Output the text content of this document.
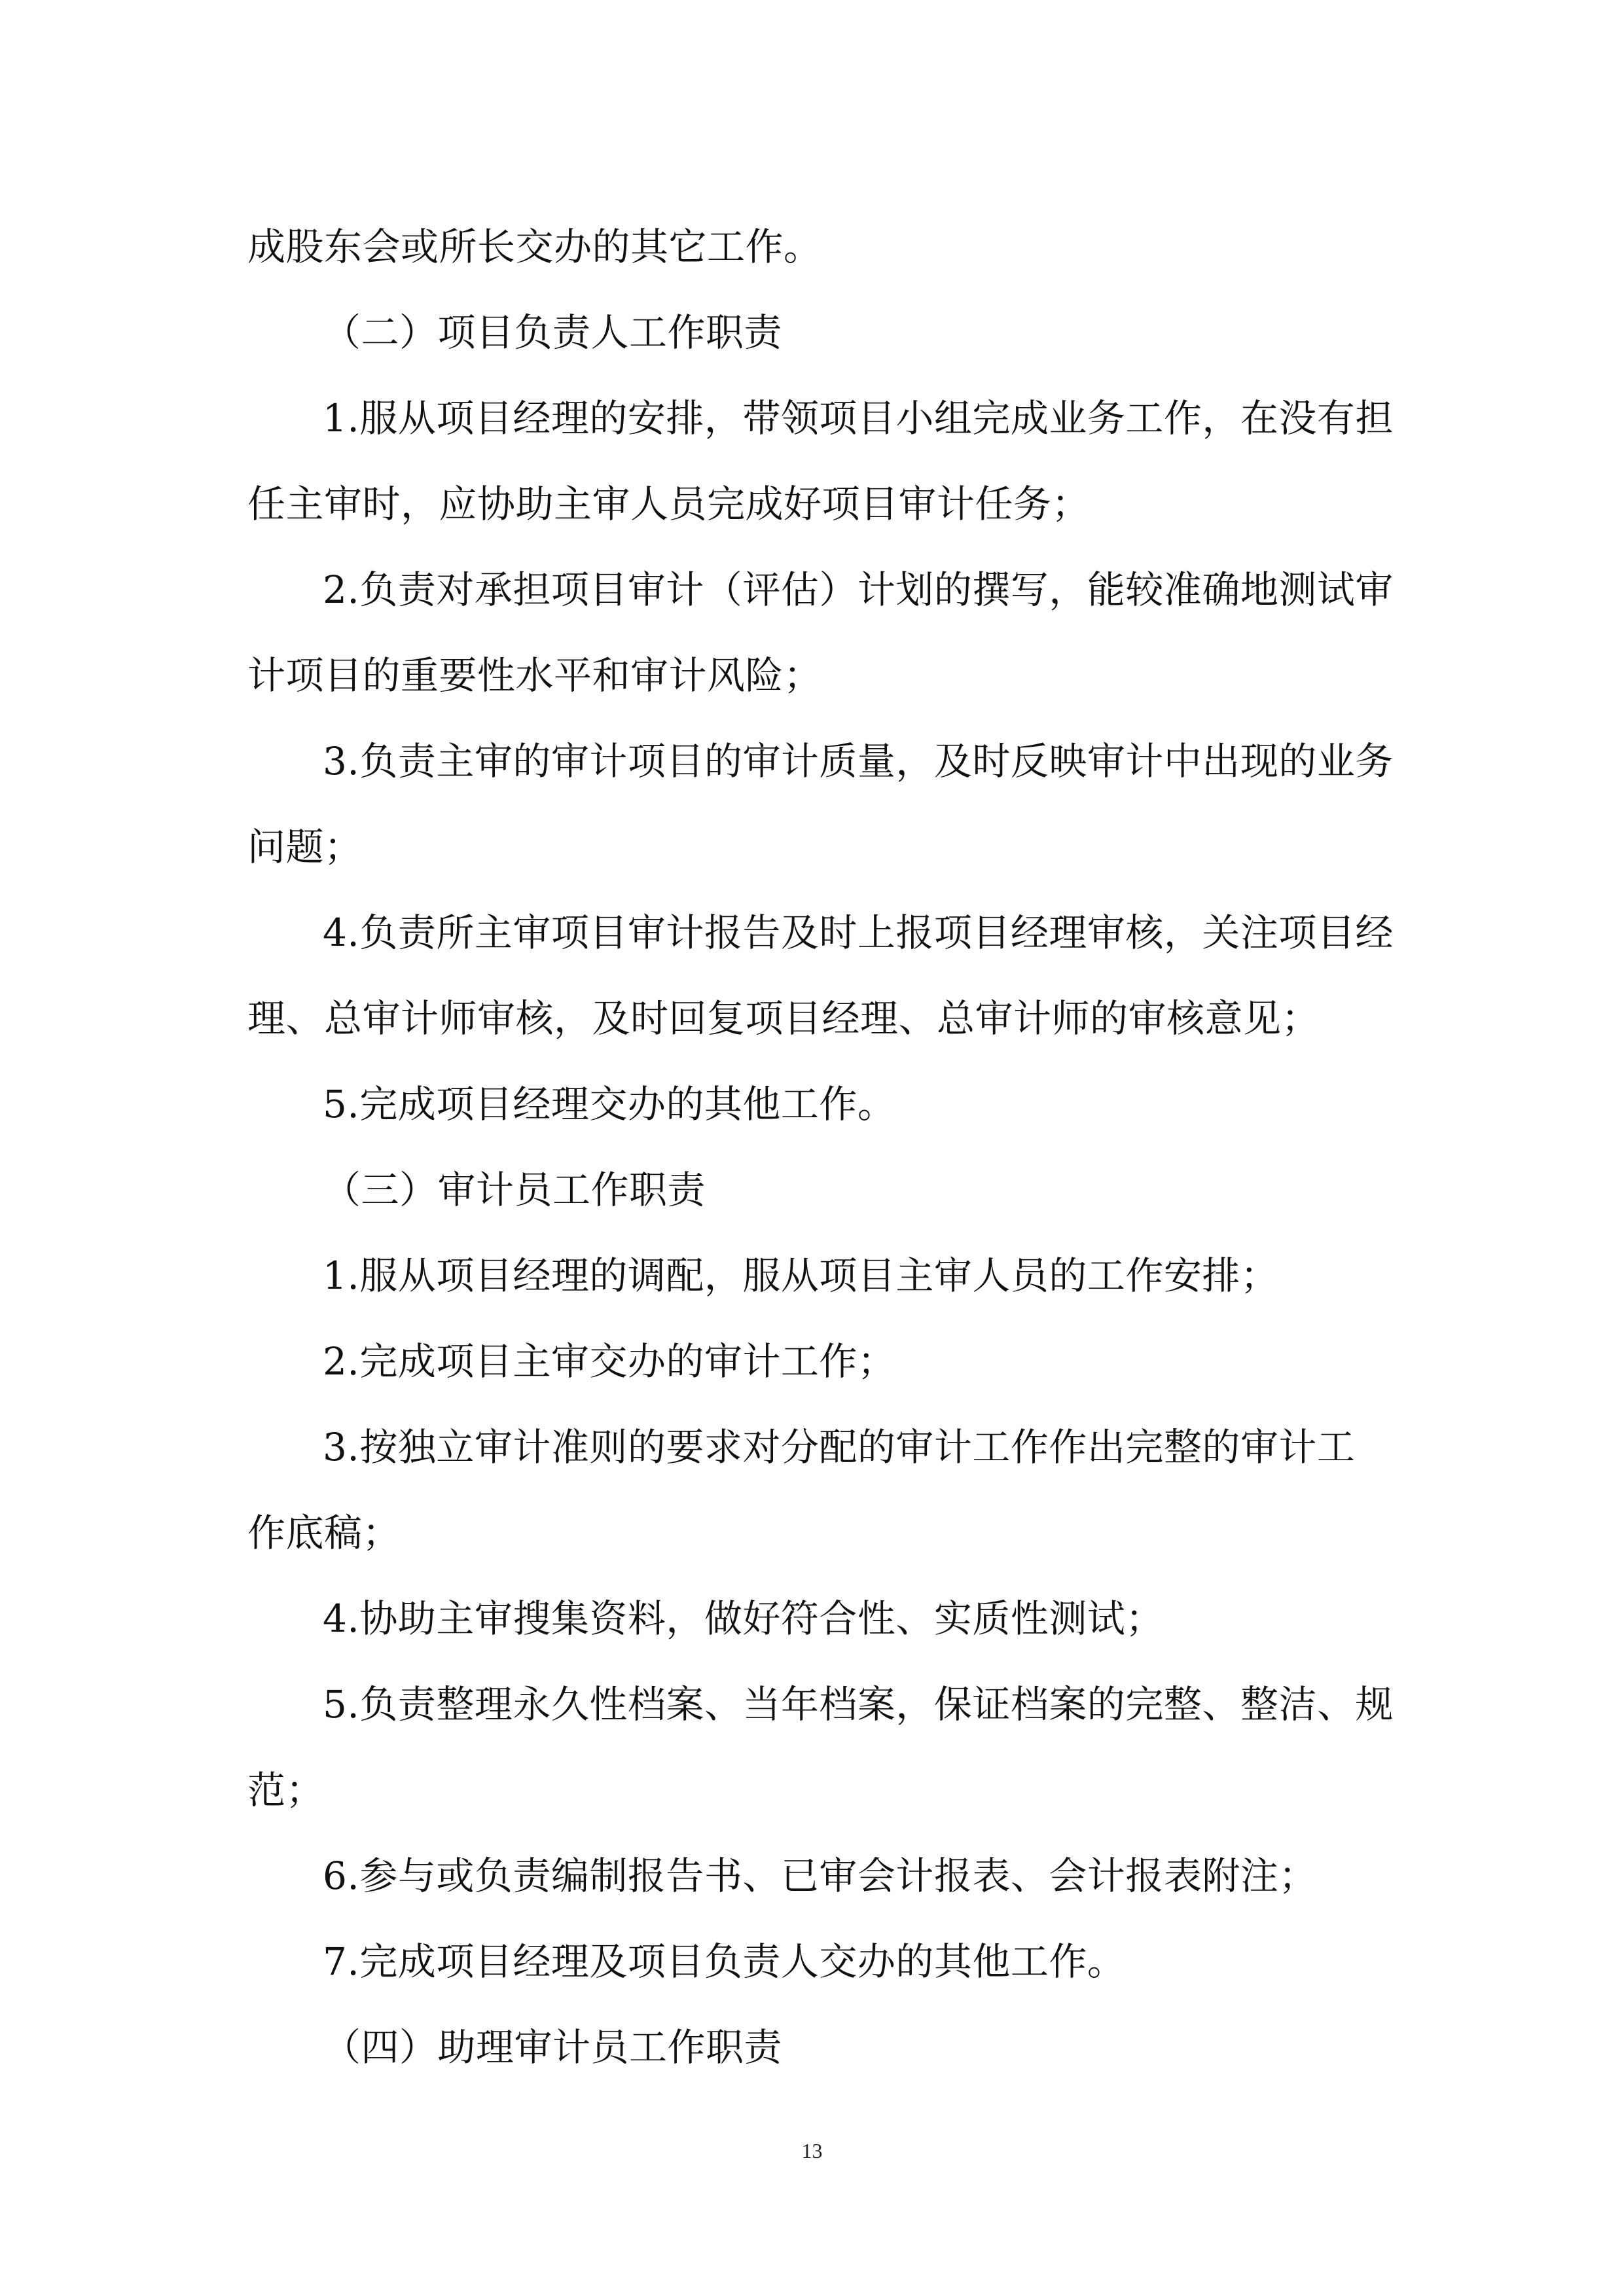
成股东会或所长交办的其它工作。
（二）项目负责人工作职责
1.服从项目经理的安排，带领项目小组完成业务工作，在没有担
任主审时，应协助主审人员完成好项目审计任务；
2.负责对承担项目审计（评估）计划的撰写，能较准确地测试审
计项目的重要性水平和审计风险；
3.负责主审的审计项目的审计质量，及时反映审计中出现的业务
问题；
4.负责所主审项目审计报告及时上报项目经理审核，关注项目经
理、总审计师审核，及时回复项目经理、总审计师的审核意见；
5.完成项目经理交办的其他工作。
（三）审计员工作职责
1.服从项目经理的调配，服从项目主审人员的工作安排；
2.完成项目主审交办的审计工作；
3.按独立审计准则的要求对分配的审计工作作出完整的审计工
作底稿；
4.协助主审搜集资料，做好符合性、实质性测试；
5.负责整理永久性档案、当年档案，保证档案的完整、整洁、规
范；
6.参与或负责编制报告书、已审会计报表、会计报表附注；
7.完成项目经理及项目负责人交办的其他工作。
（四）助理审计员工作职责
13
